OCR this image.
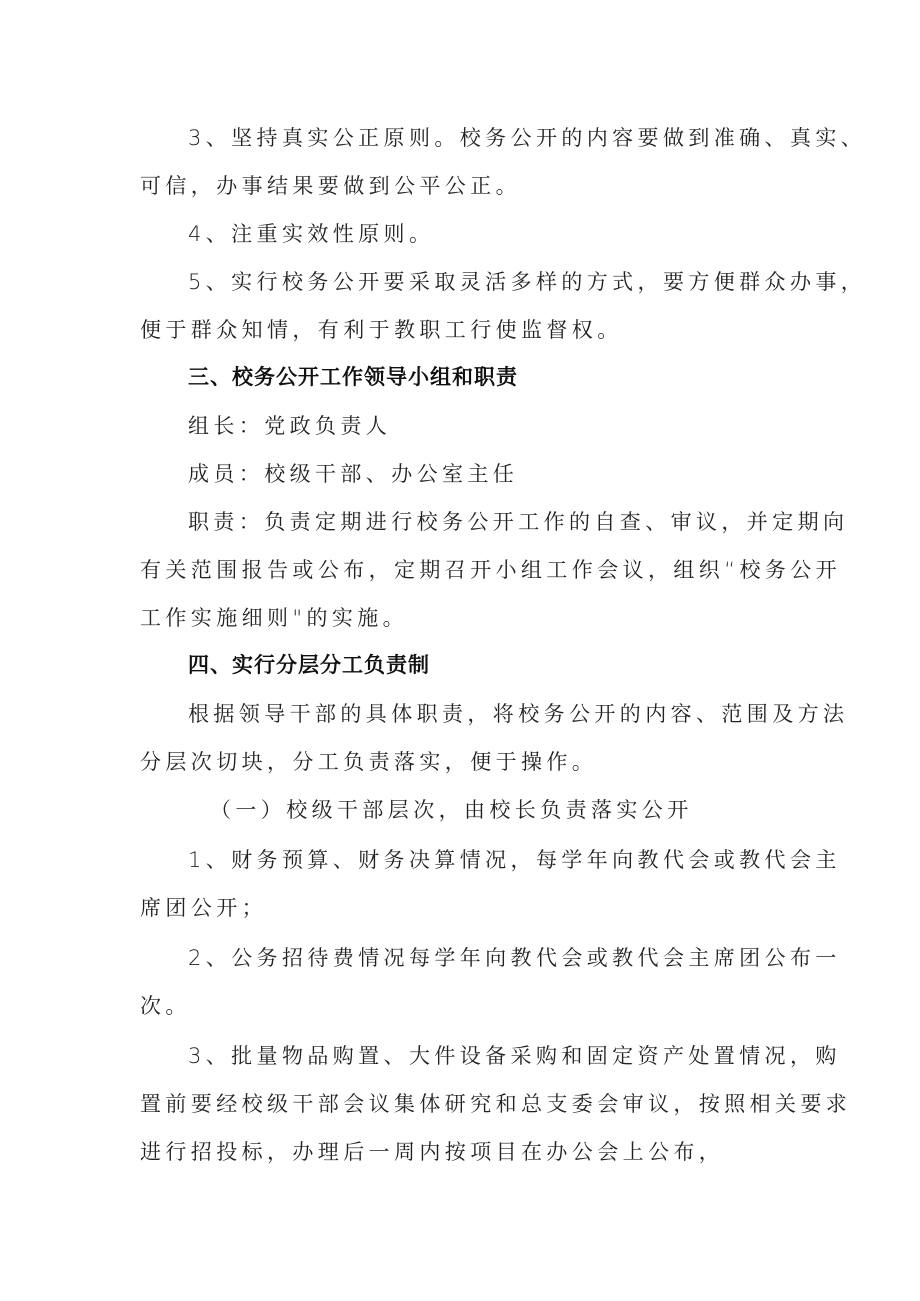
3、坚持真实公正原则。校务公开的内容要做到准确、真实、
可信，办事结果要做到公平公正。
4、注重实效性原则。
5、实行校务公开要采取灵活多样的方式，要方便群众办事，
便于群众知情，有利于教职工行使监督权。
三、校务公开工作领导小组和职责
组长：党政负责人
成员：校级干部、办公室主任
职责：负责定期进行校务公开工作的自查、审议，并定期向
有关范围报告或公布，定期召开小组工作会议，组织“校务公开
工作实施细则"的实施。
四、实行分层分工负责制
根据领导干部的具体职责，将校务公开的内容、范围及方法
分层次切块，分工负责落实，便于操作。
（一）校级干部层次，由校长负责落实公开
1、财务预算、财务决算情况，每学年向教代会或教代会主
席团公开；
2、公务招待费情况每学年向教代会或教代会主席团公布一
次。
3、批量物品购置、大件设备采购和固定资产处置情况，购
置前要经校级干部会议集体研究和总支委会审议，按照相关要求
进行招投标，办理后一周内按项目在办公会上公布，
